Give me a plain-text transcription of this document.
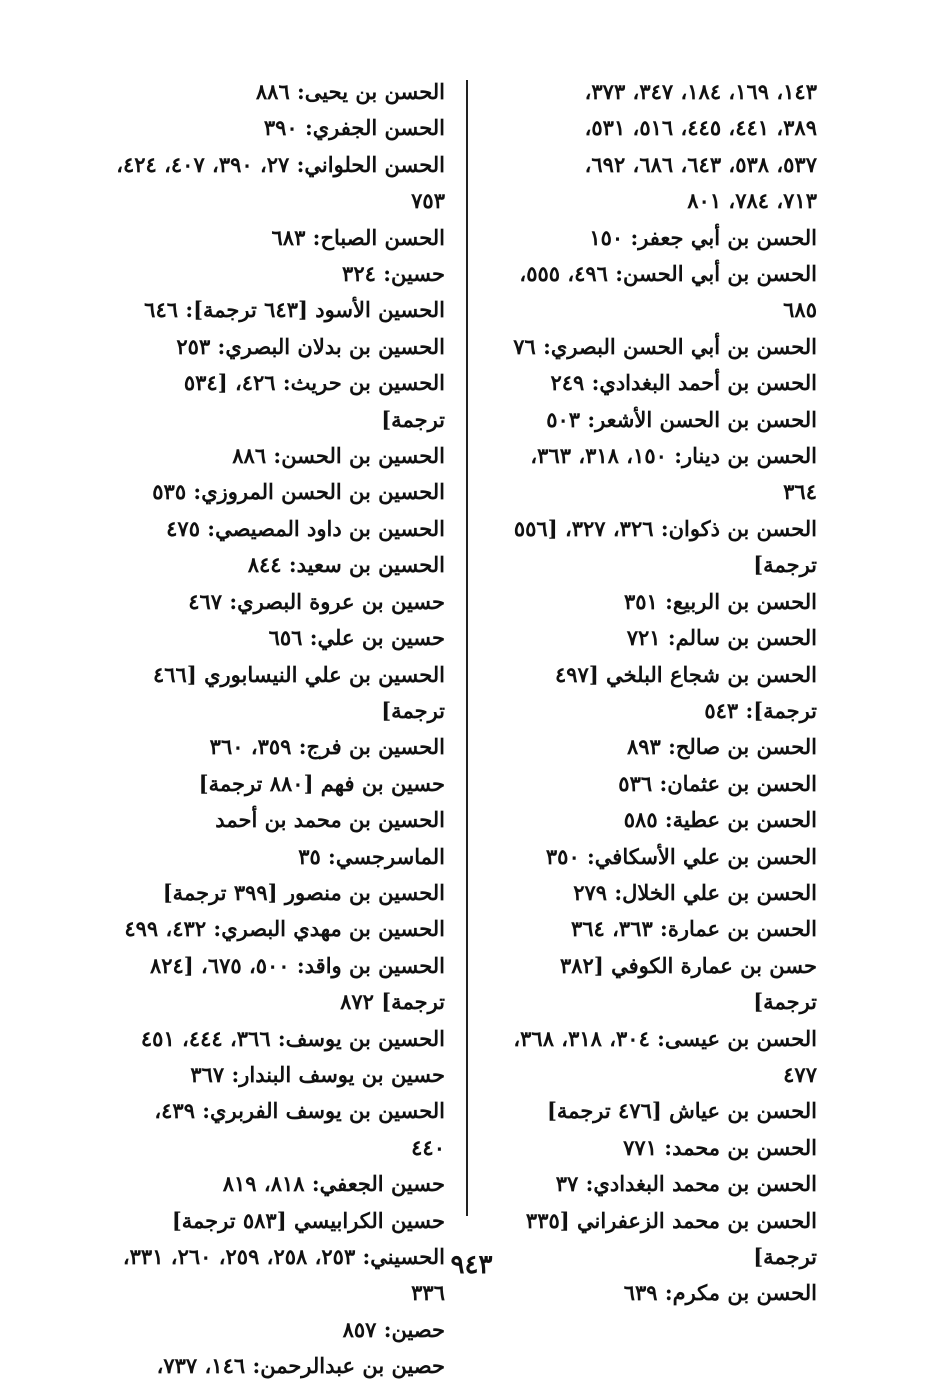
١٤٣، ١٦٩، ١٨٤، ٣٤٧، ٣٧٣،
٣٨٩، ٤٤١، ٤٤٥، ٥١٦، ٥٣١،
٥٣٧، ٥٣٨، ٦٤٣، ٦٨٦، ٦٩٢،
٧١٣، ٧٨٤، ٨٠١
الحسن بن أبي جعفر: ١٥٠
الحسن بن أبي الحسن: ٤٩٦، ٥٥٥، ٦٨٥
الحسن بن أبي الحسن البصري: ٧٦
الحسن بن أحمد البغدادي: ٢٤٩
الحسن بن الحسن الأشعر: ٥٠٣
الحسن بن دينار: ١٥٠، ٣١٨، ٣٦٣، ٣٦٤
الحسن بن ذكوان: ٣٢٦، ٣٢٧، [٥٥٦ ترجمة]
الحسن بن الربيع: ٣٥١
الحسن بن سالم: ٧٢١
الحسن بن شجاع البلخي [٤٩٧ ترجمة]: ٥٤٣
الحسن بن صالح: ٨٩٣
الحسن بن عثمان: ٥٣٦
الحسن بن عطية: ٥٨٥
الحسن بن علي الأسكافي: ٣٥٠
الحسن بن علي الخلال: ٢٧٩
الحسن بن عمارة: ٣٦٣، ٣٦٤
حسن بن عمارة الكوفي [٣٨٢ ترجمة]
الحسن بن عيسى: ٣٠٤، ٣١٨، ٣٦٨، ٤٧٧
الحسن بن عياش [٤٧٦ ترجمة]
الحسن بن محمد: ٧٧١
الحسن بن محمد البغدادي: ٣٧
الحسن بن محمد الزعفراني [٣٣٥ ترجمة]
الحسن بن مكرم: ٦٣٩
الحسن بن يحيى: ٨٨٦
الحسن الجفري: ٣٩٠
الحسن الحلواني: ٢٧، ٣٩٠، ٤٠٧، ٤٢٤، ٧٥٣
الحسن الصباح: ٦٨٣
حسين: ٣٢٤
الحسين الأسود [٦٤٣ ترجمة]: ٦٤٦
الحسين بن بدلان البصري: ٢٥٣
الحسين بن حريث: ٤٢٦، [٥٣٤ ترجمة]
الحسين بن الحسن: ٨٨٦
الحسين بن الحسن المروزي: ٥٣٥
الحسين بن داود المصيصي: ٤٧٥
الحسين بن سعيد: ٨٤٤
حسين بن عروة البصري: ٤٦٧
حسين بن علي: ٦٥٦
الحسين بن علي النيسابوري [٤٦٦ ترجمة]
الحسين بن فرج: ٣٥٩، ٣٦٠
حسين بن فهم [٨٨٠ ترجمة]
الحسين بن محمد بن أحمد الماسرجسي: ٣٥
الحسين بن منصور [٣٩٩ ترجمة]
الحسين بن مهدي البصري: ٤٣٢، ٤٩٩
الحسين بن واقد: ٥٠٠، ٦٧٥، [٨٢٤ ترجمة] ٨٧٢
الحسين بن يوسف: ٣٦٦، ٤٤٤، ٤٥١
حسين بن يوسف البندار: ٣٦٧
الحسين بن يوسف الفربري: ٤٣٩، ٤٤٠
حسين الجعفي: ٨١٨، ٨١٩
حسين الكرابيسي [٥٨٣ ترجمة]
الحسيني: ٢٥٣، ٢٥٨، ٢٥٩، ٢٦٠، ٣٣١، ٣٣٦
حصين: ٨٥٧
حصين بن عبدالرحمن: ١٤٦، ٧٣٧،
٩٤٣
